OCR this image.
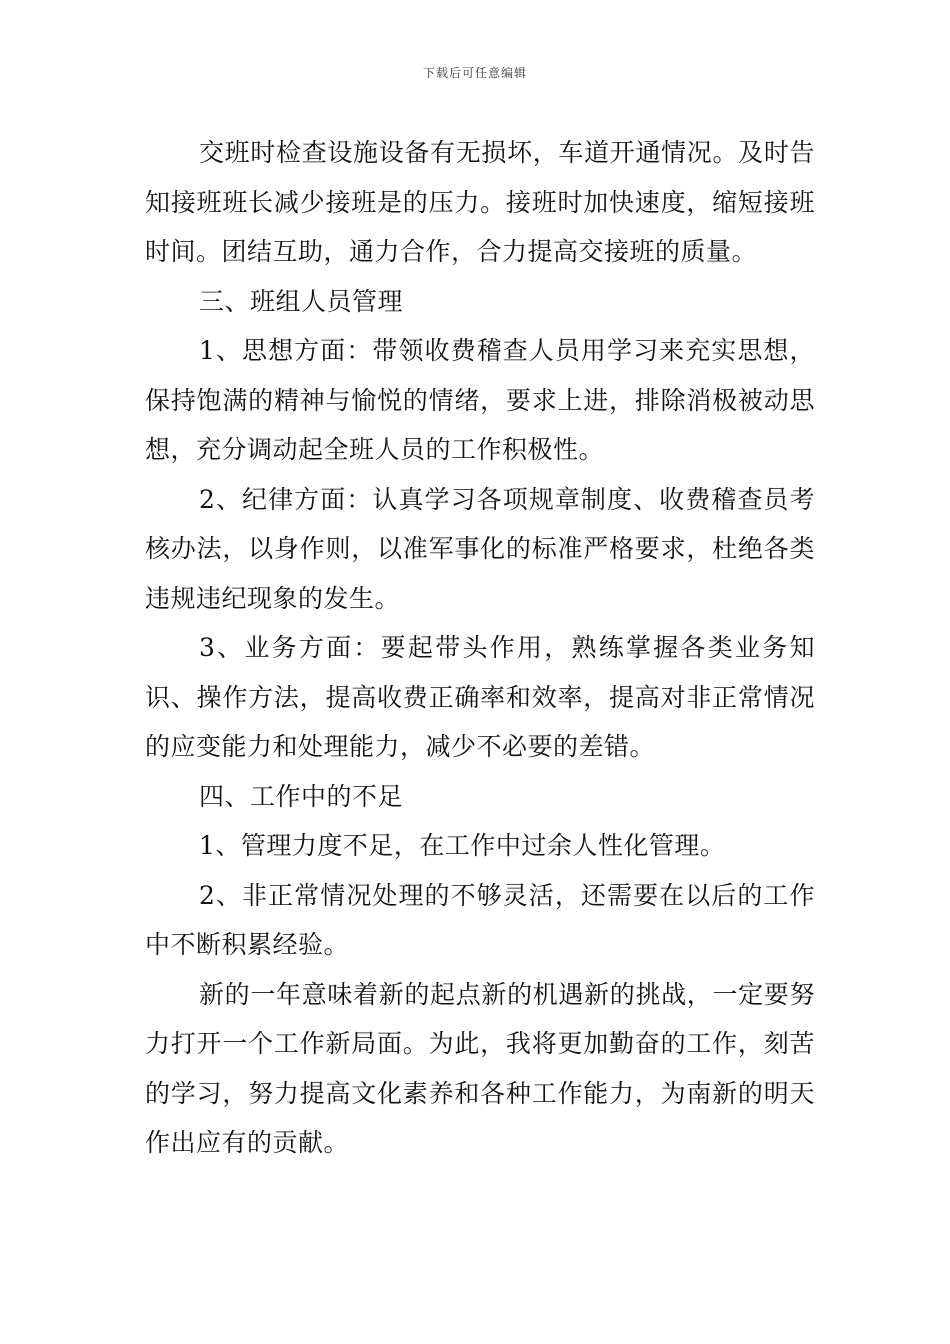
下载后可任意编辑

交班时检查设施设备有无损坏，车道开通情况。及时告知接班班长减少接班是的压力。接班时加快速度，缩短接班时间。团结互助，通力合作，合力提高交接班的质量。

三、班组人员管理

1、思想方面：带领收费稽查人员用学习来充实思想，保持饱满的精神与愉悦的情绪，要求上进，排除消极被动思想，充分调动起全班人员的工作积极性。

2、纪律方面：认真学习各项规章制度、收费稽查员考核办法，以身作则，以准军事化的标准严格要求，杜绝各类违规违纪现象的发生。

3、业务方面：要起带头作用，熟练掌握各类业务知识、操作方法，提高收费正确率和效率，提高对非正常情况的应变能力和处理能力，减少不必要的差错。

四、工作中的不足

1、管理力度不足，在工作中过余人性化管理。

2、非正常情况处理的不够灵活，还需要在以后的工作中不断积累经验。

新的一年意味着新的起点新的机遇新的挑战，一定要努力打开一个工作新局面。为此，我将更加勤奋的工作，刻苦的学习，努力提高文化素养和各种工作能力，为南新的明天作出应有的贡献。
